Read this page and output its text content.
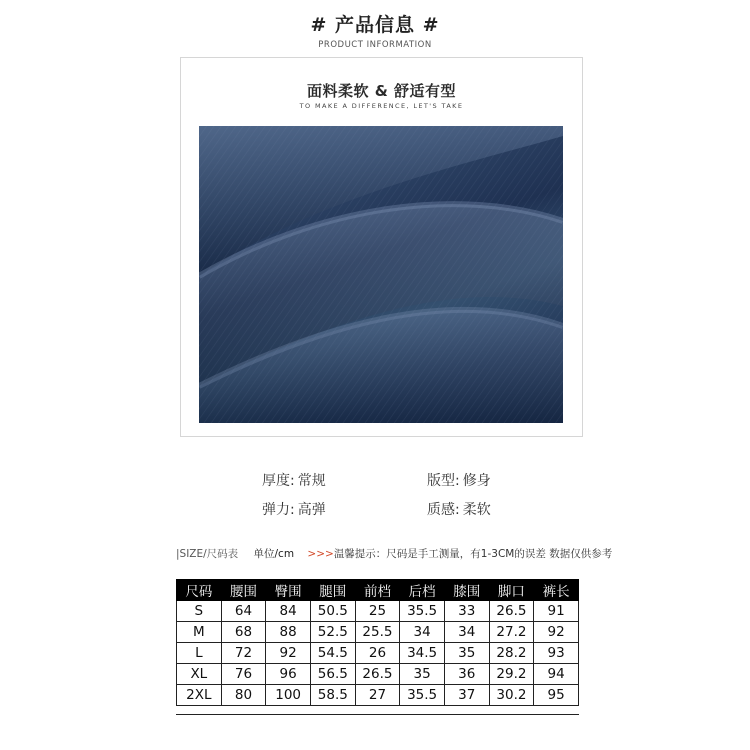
# 产品信息 #
PRODUCT INFORMATION
面料柔软 & 舒适有型
TO MAKE A DIFFERENCE, LET'S TAKE
厚度: 常规	版型: 修身
弹力: 高弹	质感: 柔软
|SIZE/尺码表 单位/cm >>>温馨提示：尺码是手工测量，有1-3CM的误差 数据仅供参考
尺码	腰围	臀围	腿围	前档	后档	膝围	脚口	裤长
S	64	84	50.5	25	35.5	33	26.5	91
M	68	88	52.5	25.5	34	34	27.2	92
L	72	92	54.5	26	34.5	35	28.2	93
XL	76	96	56.5	26.5	35	36	29.2	94
2XL	80	100	58.5	27	35.5	37	30.2	95
